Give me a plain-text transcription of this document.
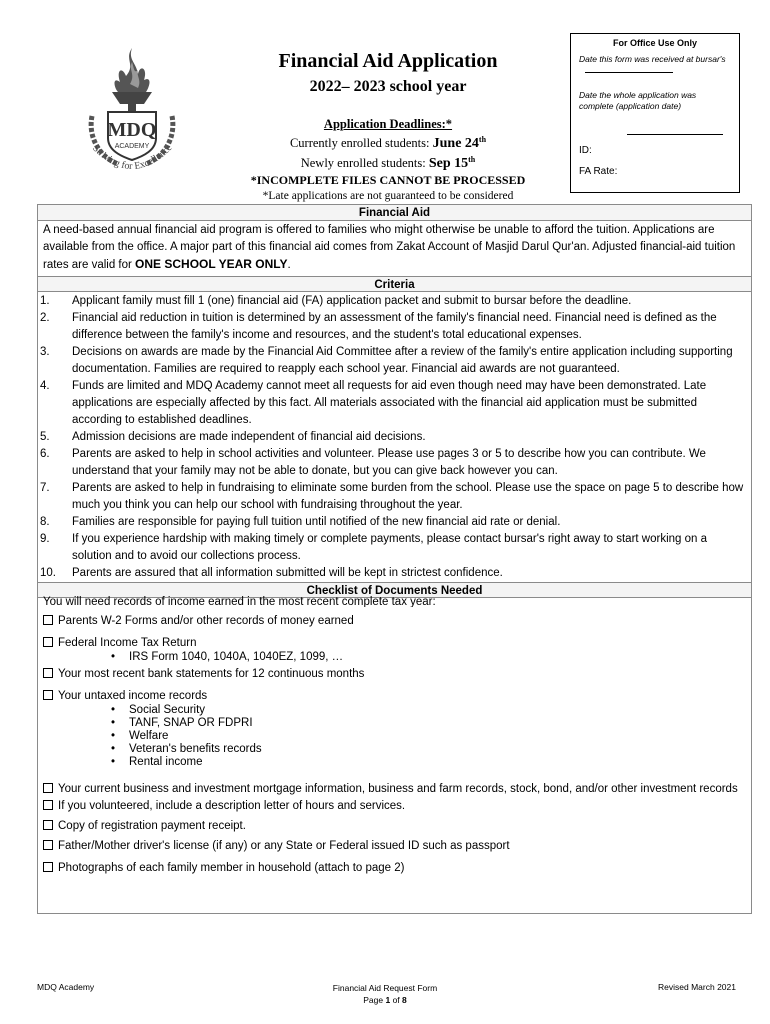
MDQ
ACADEMY
Striving for Excellence
Financial Aid Application
2022– 2023 school year
Application Deadlines:*
Currently enrolled students: June 24th
Newly enrolled students: Sep 15th
*INCOMPLETE FILES CANNOT BE PROCESSED
*Late applications are not guaranteed to be considered
For Office Use Only
Date this form was received at bursar's
Date the whole application was complete (application date)
ID:
FA Rate:
Financial Aid
A need-based annual financial aid program is offered to families who might otherwise be unable to afford the tuition. Applications are available from the office. A major part of this financial aid comes from Zakat Account of Masjid Darul Qur'an. Adjusted financial-aid tuition rates are valid for ONE SCHOOL YEAR ONLY.
Criteria
1.	Applicant family must fill 1 (one) financial aid (FA) application packet and submit to bursar before the deadline.
2.	Financial aid reduction in tuition is determined by an assessment of the family's financial need. Financial need is defined as the difference between the family's income and resources, and the student's total educational expenses.
3.	Decisions on awards are made by the Financial Aid Committee after a review of the family's entire application including supporting documentation. Families are required to reapply each school year. Financial aid awards are not guaranteed.
4.	Funds are limited and MDQ Academy cannot meet all requests for aid even though need may have been demonstrated. Late applications are especially affected by this fact. All materials associated with the financial aid application must be submitted according to established deadlines.
5.	Admission decisions are made independent of financial aid decisions.
6.	Parents are asked to help in school activities and volunteer. Please use pages 3 or 5 to describe how you can contribute. We understand that your family may not be able to donate, but you can give back however you can.
7.	Parents are asked to help in fundraising to eliminate some burden from the school. Please use the space on page 5 to describe how much you think you can help our school with fundraising throughout the year.
8.	Families are responsible for paying full tuition until notified of the new financial aid rate or denial.
9.	If you experience hardship with making timely or complete payments, please contact bursar's right away to start working on a solution and to avoid our collections process.
10.	Parents are assured that all information submitted will be kept in strictest confidence.
Checklist of Documents Needed
You will need records of income earned in the most recent complete tax year:
Parents W-2 Forms and/or other records of money earned
Federal Income Tax Return
• IRS Form 1040, 1040A, 1040EZ, 1099, …
Your most recent bank statements for 12 continuous months
Your untaxed income records
• Social Security
• TANF, SNAP OR FDPRI
• Welfare
• Veteran's benefits records
• Rental income
Your current business and investment mortgage information, business and farm records, stock, bond, and/or other investment records
If you volunteered, include a description letter of hours and services.
Copy of registration payment receipt.
Father/Mother driver's license (if any) or any State or Federal issued ID such as passport
Photographs of each family member in household (attach to page 2)
MDQ Academy	Financial Aid Request Form
Page 1 of 8
Revised March 2021
